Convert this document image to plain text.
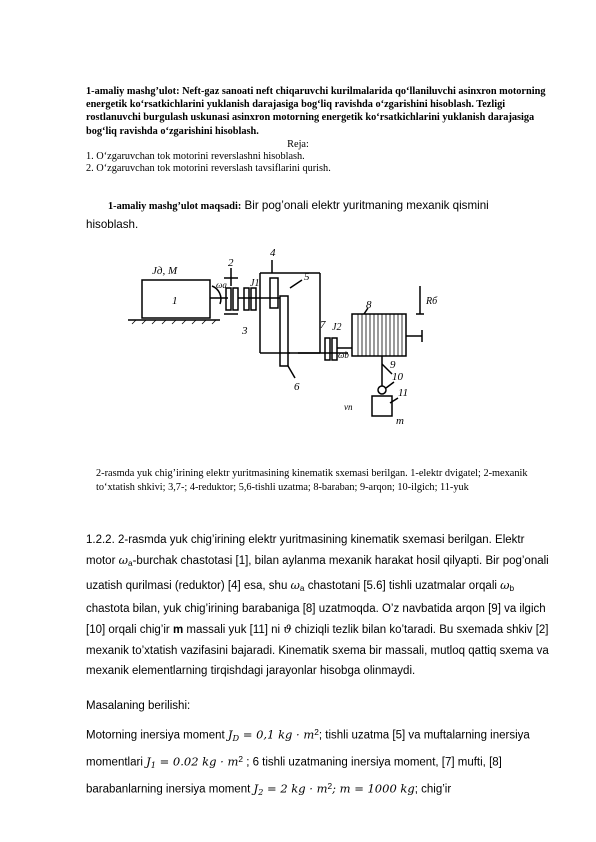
1-amaliy mashg’ulot: Neft-gaz sanoati neft chiqaruvchi kurilmalarida qo‘llaniluvchi asinxron motorning energetik ko‘rsatkichlarini yuklanish darajasiga bog‘liq ravishda o‘zgarishini hisoblash. Tezligi rostlanuvchi burgulash uskunasi asinxron motorning energetik ko‘rsatkichlarini yuklanish darajasiga bog‘liq ravishda o‘zgarishini hisoblash.
Reja:
1. O‘zgaruvchan tok motorini reverslashni hisoblash.
2. O‘zgaruvchan tok motorini reverslash tavsiflarini qurish.
1-amaliy mashg’ulot maqsadi: Bir pog’onali elektr yuritmaning mexanik qismini hisoblash.
Jд, M
1
2
ωa
3
J1
4
5
6
7 J2
8
ωb
Rб
9
10
11
vп
m
2-rasmda yuk chig’irining elektr yuritmasining kinematik sxemasi berilgan. 1-elektr dvigatel; 2-mexanik to‘xtatish shkivi; 3,7-; 4-reduktor; 5,6-tishli uzatma; 8-baraban; 9-arqon; 10-ilgich; 11-yuk
1.2.2. 2-rasmda yuk chig’irining elektr yuritmasining kinematik sxemasi berilgan. Elektr motor $\omega_a$-burchak chastotasi [1], bilan aylanma mexanik harakat hosil qilyapti. Bir pog’onali uzatish qurilmasi (reduktor) [4] esa, shu $\omega_a$ chastotani [5.6] tishli uzatmalar orqali $\omega_b$ chastota bilan, yuk chig’irining barabaniga [8] uzatmoqda. O’z navbatida arqon [9] va ilgich [10] orqali chig’ir m massali yuk [11] ni ϑ chiziqli tezlik bilan ko’taradi. Bu sxemada shkiv [2] mexanik to’xtatish vazifasini bajaradi. Kinematik sxema bir massali, mutloq qattiq sxema va mexanik elementlarning tirqishdagi jarayonlar hisobga olinmaydi.
Masalaning berilishi:
Motorning inersiya moment $J_D = 0,1$ kg · $m^2$; tishli uzatma [5] va muftalarning inersiya momentlari $J_1 = 0.02$ kg · $m^2$ ; 6 tishli uzatmaning inersiya moment, [7] mufti, [8] barabanlarning inersiya moment $J_2 = 2$ kg · $m^2$; m = 1000 kg; chig’ir
